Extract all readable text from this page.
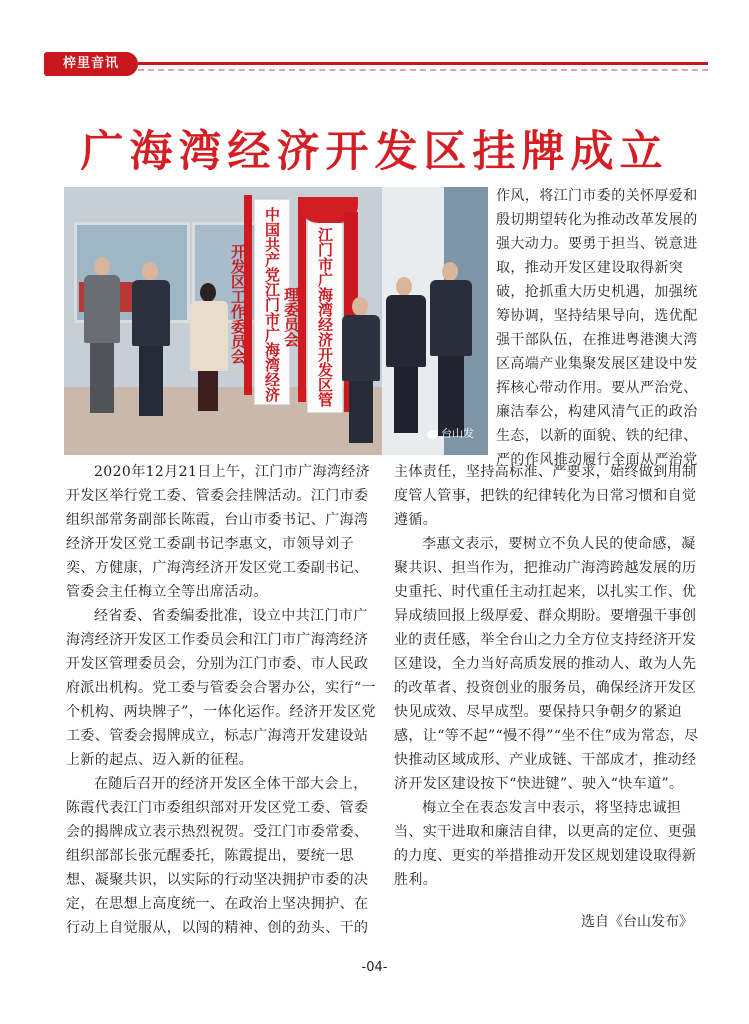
梓里音讯
广海湾经济开发区挂牌成立
中国共产党江门市广海湾经济开发区工作委员会	江门市广海湾经济开发区管理委员会
台山发

作风，将江门市委的关怀厚爱和殷切期望转化为推动改革发展的强大动力。要勇于担当、锐意进取，推动开发区建设取得新突破，抢抓重大历史机遇，加强统筹协调，坚持结果导向，选优配强干部队伍，在推进粤港澳大湾区高端产业集聚发展区建设中发挥核心带动作用。要从严治党、廉洁奉公，构建风清气正的政治生态，以新的面貌、铁的纪律、严的作风推动履行全面从严治党

2020年12月21日上午，江门市广海湾经济开发区举行党工委、管委会挂牌活动。江门市委组织部常务副部长陈霞，台山市委书记、广海湾经济开发区党工委副书记李惠文，市领导刘子奕、方健康，广海湾经济开发区党工委副书记、管委会主任梅立全等出席活动。

经省委、省委编委批准，设立中共江门市广海湾经济开发区工作委员会和江门市广海湾经济开发区管理委员会，分别为江门市委、市人民政府派出机构。党工委与管委会合署办公，实行“一个机构、两块牌子”，一体化运作。经济开发区党工委、管委会揭牌成立，标志广海湾开发建设站上新的起点、迈入新的征程。

在随后召开的经济开发区全体干部大会上，陈霞代表江门市委组织部对开发区党工委、管委会的揭牌成立表示热烈祝贺。受江门市委常委、组织部部长张元醒委托，陈霞提出，要统一思想、凝聚共识，以实际的行动坚决拥护市委的决定，在思想上高度统一、在政治上坚决拥护、在行动上自觉服从，以闯的精神、创的劲头、干的

主体责任，坚持高标准、严要求，始终做到用制度管人管事，把铁的纪律转化为日常习惯和自觉遵循。

李惠文表示，要树立不负人民的使命感，凝聚共识、担当作为，把推动广海湾跨越发展的历史重托、时代重任主动扛起来，以扎实工作、优异成绩回报上级厚爱、群众期盼。要增强干事创业的责任感，举全台山之力全方位支持经济开发区建设，全力当好高质发展的推动人、敢为人先的改革者、投资创业的服务员，确保经济开发区快见成效、尽早成型。要保持只争朝夕的紧迫感，让“等不起”“慢不得”“坐不住”成为常态，尽快推动区域成形、产业成链、干部成才，推动经济开发区建设按下“快进键”、驶入“快车道”。

梅立全在表态发言中表示，将坚持忠诚担当、实干进取和廉洁自律，以更高的定位、更强的力度、更实的举措推动开发区规划建设取得新胜利。

选自《台山发布》
-04-
